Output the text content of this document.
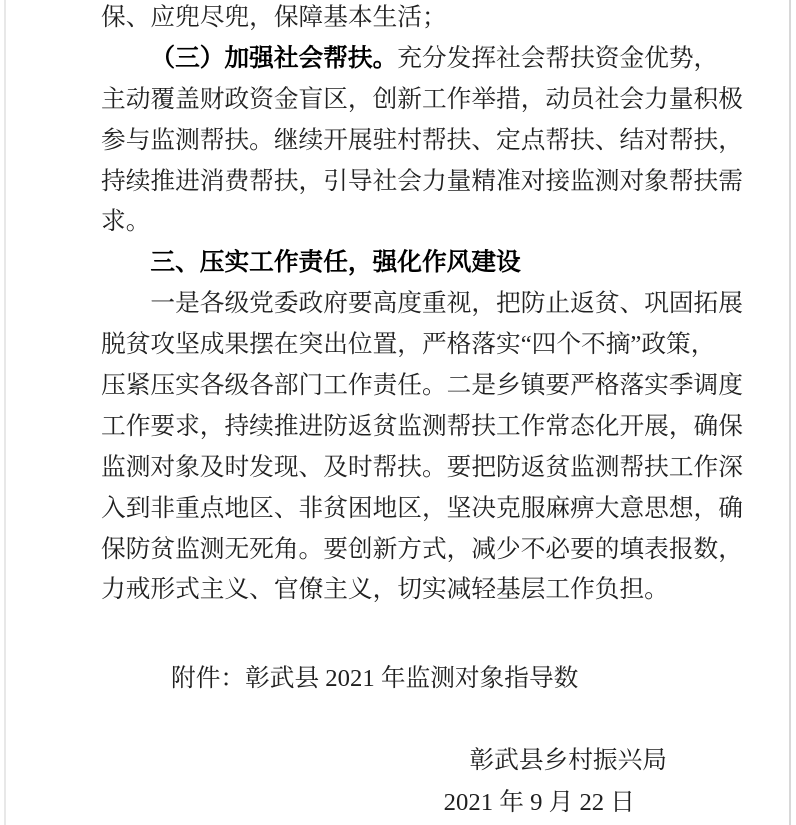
保、应兜尽兜，保障基本生活；
（三）加强社会帮扶。充分发挥社会帮扶资金优势，
主动覆盖财政资金盲区，创新工作举措，动员社会力量积极
参与监测帮扶。继续开展驻村帮扶、定点帮扶、结对帮扶，
持续推进消费帮扶，引导社会力量精准对接监测对象帮扶需
求。
三、压实工作责任，强化作风建设
一是各级党委政府要高度重视，把防止返贫、巩固拓展
脱贫攻坚成果摆在突出位置，严格落实“四个不摘”政策，
压紧压实各级各部门工作责任。二是乡镇要严格落实季调度
工作要求，持续推进防返贫监测帮扶工作常态化开展，确保
监测对象及时发现、及时帮扶。要把防返贫监测帮扶工作深
入到非重点地区、非贫困地区，坚决克服麻痹大意思想，确
保防贫监测无死角。要创新方式，减少不必要的填表报数，
力戒形式主义、官僚主义，切实减轻基层工作负担。
附件：彰武县 2021 年监测对象指导数
彰武县乡村振兴局
2021 年 9 月 22 日
